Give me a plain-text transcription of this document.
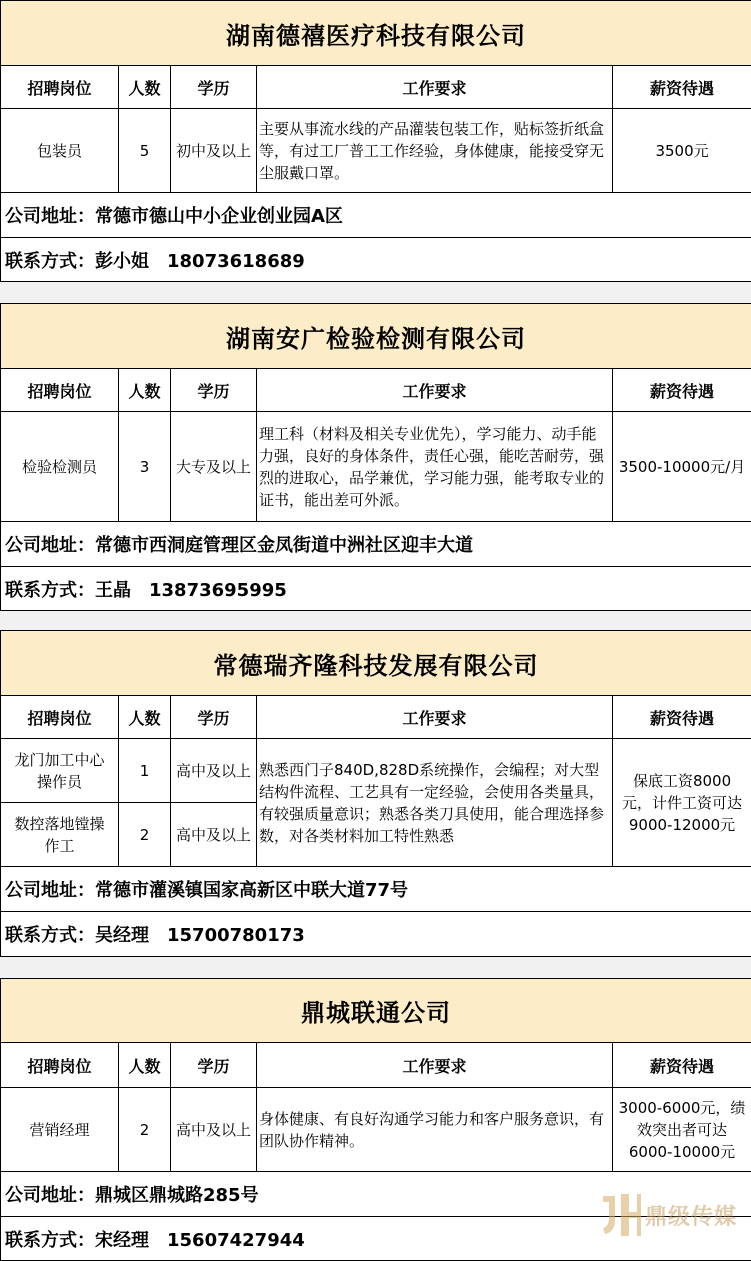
湖南德禧医疗科技有限公司				
招聘岗位	人数	学历	工作要求	薪资待遇
包装员	5	初中及以上	主要从事流水线的产品灌装包装工作，贴标签折纸盒等，有过工厂普工工作经验，身体健康，能接受穿无尘服戴口罩。	3500元
公司地址：常德市德山中小企业创业园A区				
联系方式：彭小姐 18073618689				
湖南安广检验检测有限公司				
招聘岗位	人数	学历	工作要求	薪资待遇
检验检测员	3	大专及以上	理工科（材料及相关专业优先），学习能力、动手能力强，良好的身体条件，责任心强，能吃苦耐劳，强烈的进取心，品学兼优，学习能力强，能考取专业的证书，能出差可外派。	3500-10000元/月
公司地址：常德市西洞庭管理区金凤街道中洲社区迎丰大道				
联系方式：王晶 13873695995				
常德瑞齐隆科技发展有限公司				
招聘岗位	人数	学历	工作要求	薪资待遇
龙门加工中心操作员	1	高中及以上	熟悉西门子840D,828D系统操作，会编程；对大型结构件流程、工艺具有一定经验，会使用各类量具，有较强质量意识；熟悉各类刀具使用，能合理选择参数，对各类材料加工特性熟悉	保底工资8000元，计件工资可达9000-12000元
数控落地镗操作工	2	高中及以上		
公司地址：常德市灌溪镇国家高新区中联大道77号				
联系方式：吴经理 15700780173				
鼎城联通公司				
招聘岗位	人数	学历	工作要求	薪资待遇
营销经理	2	高中及以上	身体健康、有良好沟通学习能力和客户服务意识，有团队协作精神。	3000-6000元，绩效突出者可达6000-10000元
公司地址：鼎城区鼎城路285号				
联系方式：宋经理 15607427944				
鼎级传媒
